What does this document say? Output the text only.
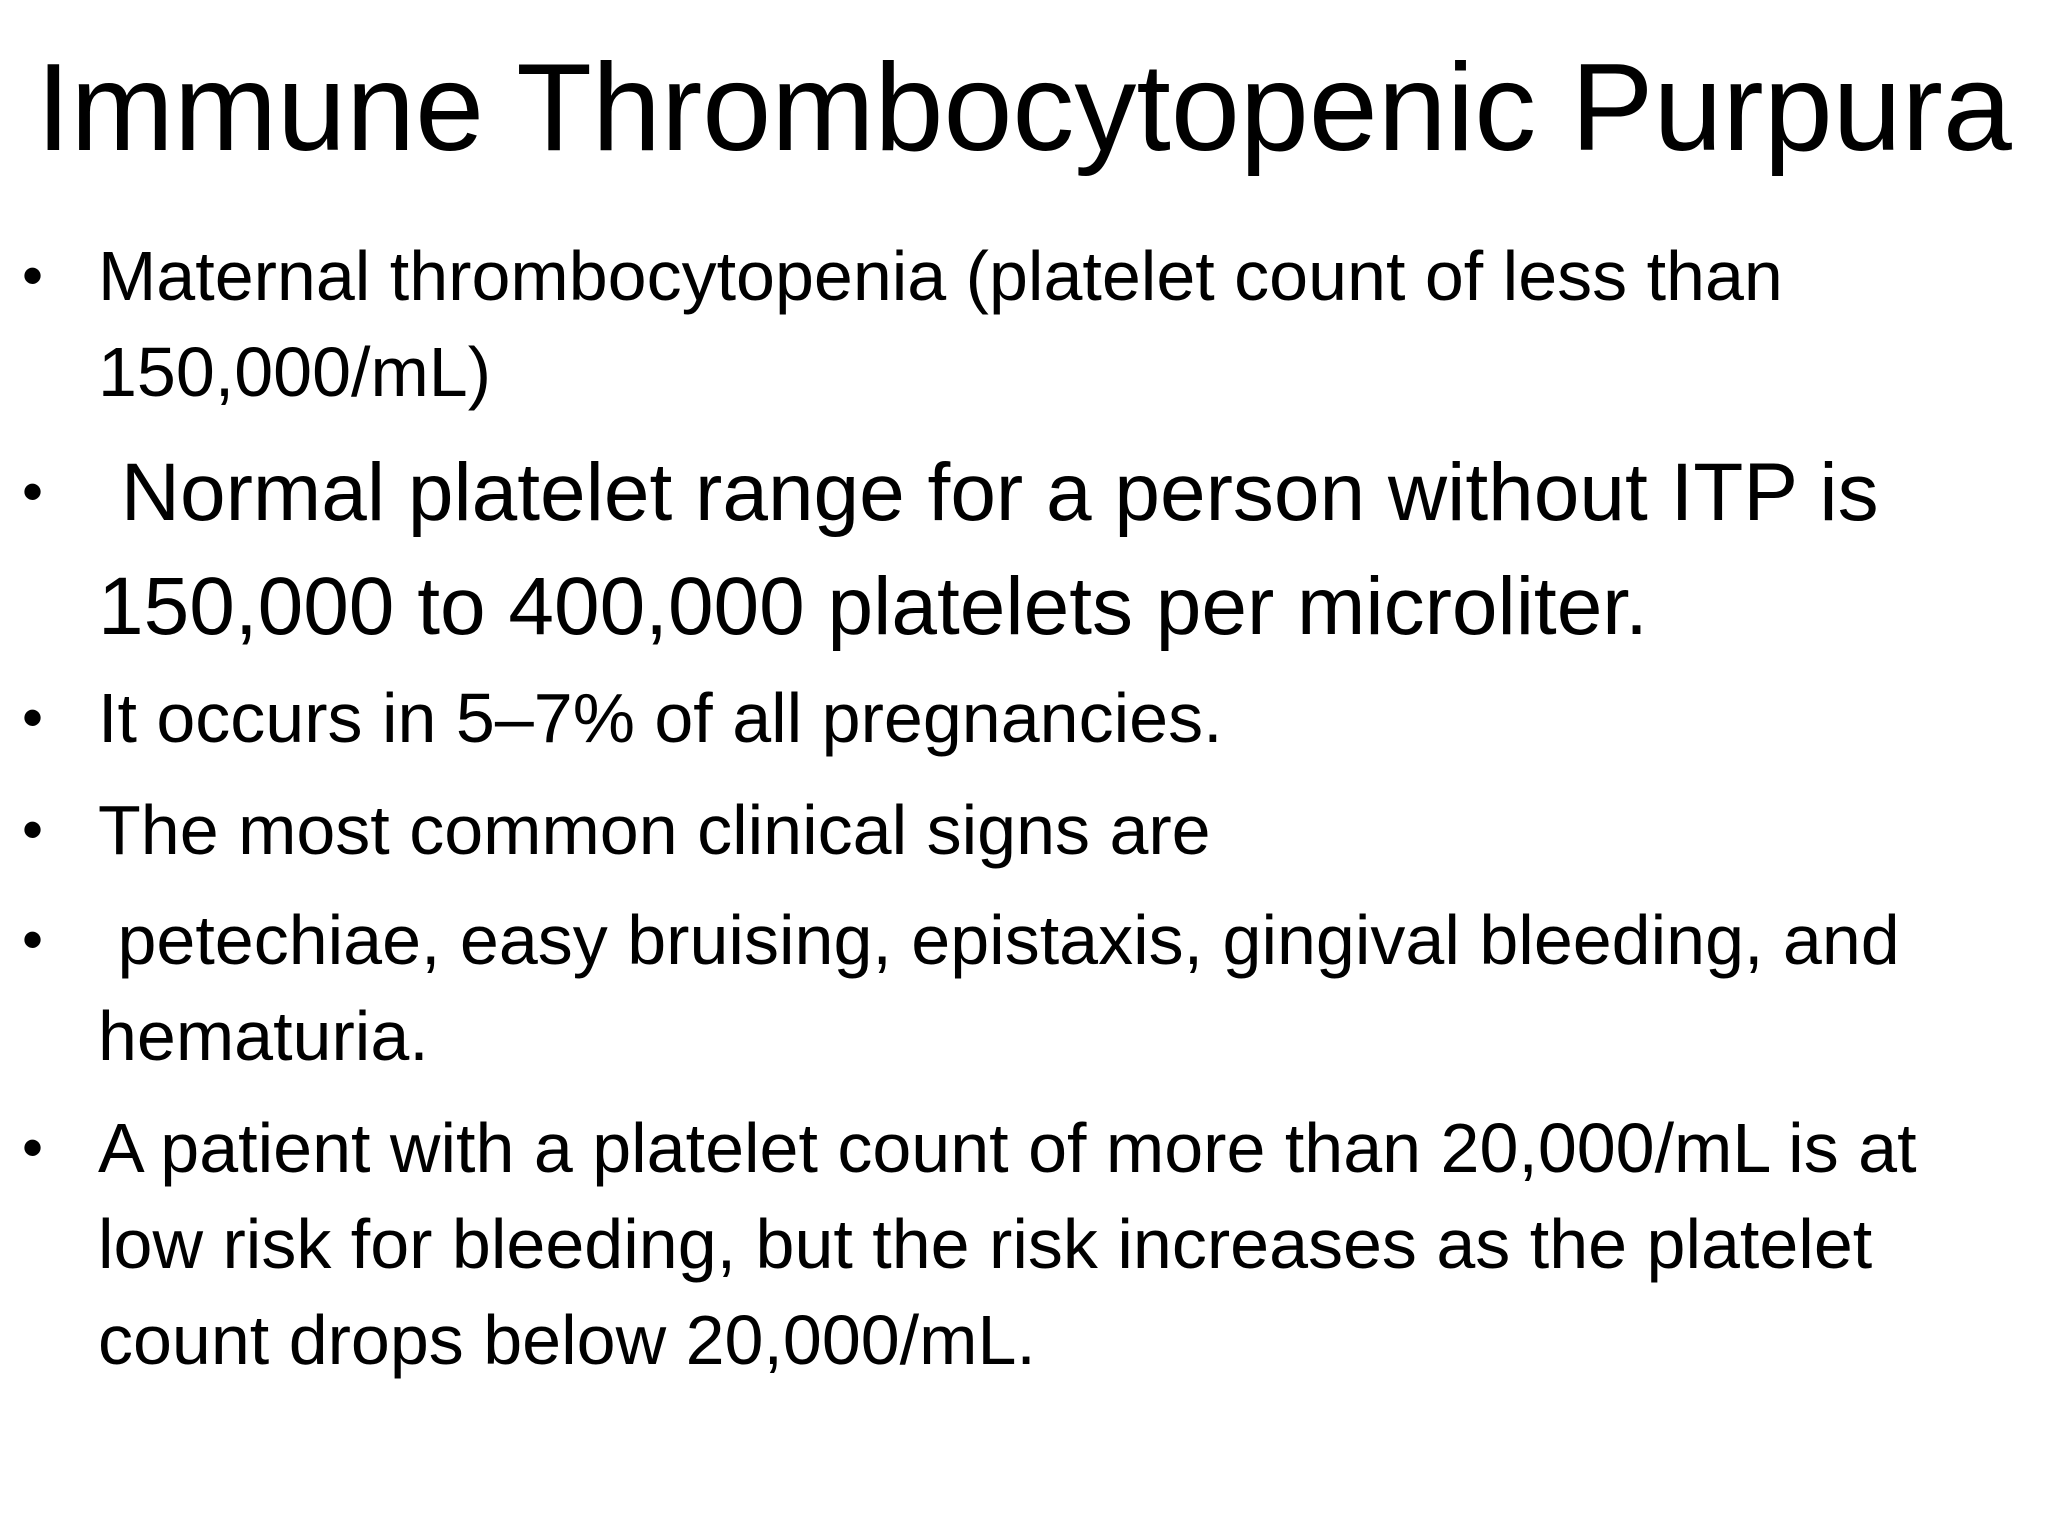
Immune Thrombocytopenic Purpura
• Maternal thrombocytopenia (platelet count of less than 150,000/mL)
• Normal platelet range for a person without ITP is 150,000 to 400,000 platelets per microliter.
• It occurs in 5–7% of all pregnancies.
• The most common clinical signs are
• petechiae, easy bruising, epistaxis, gingival bleeding, and hematuria.
• A patient with a platelet count of more than 20,000/mL is at low risk for bleeding, but the risk increases as the platelet count drops below 20,000/mL.
